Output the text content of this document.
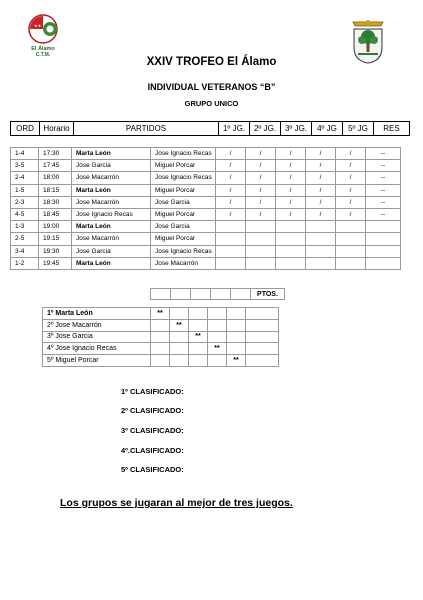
★★
El Álamo
C.T.M.
XXIV TROFEO El Álamo
INDIVIDUAL VETERANOS “B”
GRUPO UNICO
ORD	Horario	PARTIDOS	1º JG.	2º JG.	3º JG.	4º JG	5º JG	RES
1-4	17:30	Marta León	Jose Ignacio Recas	/	/	/	/	/	--
3-5	17:45	Jose Garcia	Miguel Porcar	/	/	/	/	/	--
2-4	18:00	Jose Macarrón	Jose Ignacio Recas	/	/	/	/	/	--
1-5	18:15	Marta León	Miguel Porcar	/	/	/	/	/	--
2-3	18:30	Jose Macarrón	Jose Garcia	/	/	/	/	/	--
4-5	18:45	Jose Ignacio Recas	Miguel Porcar	/	/	/	/	/	--
1-3	19:00	Marta León	Jose Garcia						
2-5	19:15	Jose Macarrón	Miguel Porcar						
3-4	19:30	Jose Garcia	Jose Ignacio Recas						
1-2	19:45	Marta León	Jose Macarrón						
					PTOS.
1º Marta León	**					
2º Jose Macarrón		**				
3º Jose Garcia			**			
4º Jose Ignacio Recas				**		
5º Miguel Porcar					**	
1º CLASIFICADO:
2º CLASIFICADO:
3º CLASIFICADO:
4º.CLASIFICADO:
5º CLASIFICADO:
Los grupos se jugaran al mejor de tres juegos.
